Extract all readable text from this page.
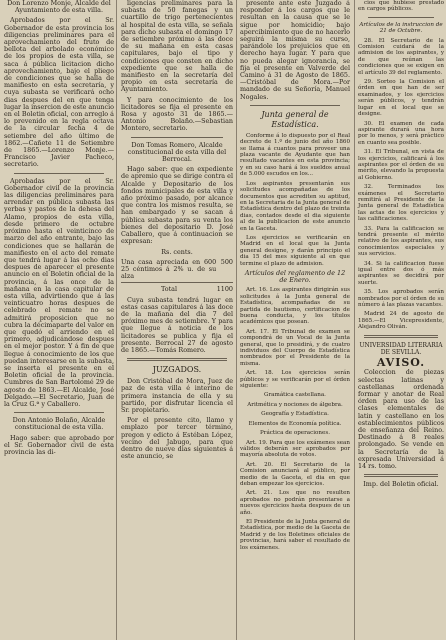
Don Lorenzo Monje, Alcalde del Ayuntamiento de esta villa.

Aprobados por el Sr. Gobernador de esta provincia los diligencias preliminares para el aprovechamiento del fruto de bellota del arbolado económico de los propios de esta villa, se saca á pública licitacion dicho aprovechamiento, bajo el pliego de condiciones que se halla de manifiesto en esta secretaría, y cuya subasta se verificará ocho dias despues del en que tenga lugar la insercion de este anuncio en el Boletin oficial, con arreglo á lo prevenido en la regla octava de la circular fecha 4 de setiembre del año último de 1862.—Cañete 11 de Setiembre de 1865.—Lorenzo Monje.—Francisco Javier Pacheco, secretario.

Aprobadas por el Sr. Gobernador civil de la provincia las diligencias preliminares para arrendar en pública subasta las yerbas y pastos de la dehesa del Alamo, propios de esta villa, desde primero de octubre próximo hasta el veinticinco de marzo del año entrante, bajo las condiciones que se hallarán de manifiesto en el acto del remate que tendrá lugar á las ocho dias despues de aparecer el presente anuncio en el Boletin oficial de la provincia, á las once de la mañana en la casa capitular de esta villa, advirtiendo que á las veinticuatro horas despues de celebrado el remate no se admitirá proposicion que no cubra la décimaparte del valor en que quedó el arriendo en el primero, adjudicándose despues en el mejor postor. Y á fin de que llegue á conocimiento de los que puedan interesarse en la subasta, se inserta el presente en el Boletin oficial de la provincia. Cumbres de San Bartolomé 29 de agosto de 1863.—El Alcalde, José Delgado.—El Secretario, Juan de la Cruz G.ª y Caballero.

Don Antonio Bolaño, Alcalde constitucional de esta villa.

Hago saber: que aprobado por el Sr. Gobernador civil de esta provincia las di-

ligencias preliminares para la subasta de 50 fanegas y un cuartillo de trigo pertenecientes al hospital de esta villa, se señala para dicho subasta el domingo 17 de setiembre próximo á las doce de su mañana en esta casas capitulares, bajo el tipo y condiciones que consten en dicho expediente que se halla de manifiesto en la secretaría del propio en esta secretaría de Ayuntamiento.

Y para conocimiento de los licitadores se fija el presente en Rosa y agosto 31 de 1865.—Antonio Bolaño.—Sebastian Montero, secretario.

Don Tomas Romero, Alcalde constitucional de esta villa del Berrocal.

Hago saber: que en expediente de apremio que se dirige contra el Alcalde y Depositario de los fondos municipales de esta villa y año próximo pasado, por alcance que contra los mismos resulta, se han embargado y se sacan á pública subasta para su venta los bienes del depositario D. José Caballero, que á continuacion se expresan:

Rs. cents.

Una casa apreciada en 600 25 céntimos á 2% u. de su alza
500
Total	1100

Cuya subasta tendrá lugar en estas casas capitulares á las doce de la mañana del dia 7 del próximo mes de setiembre. Y para que llegue á noticia de los licitadores se publica y fija el presente. Berrocal 27 de agosto de 1865.—Tomás Romero.

JUZGADOS.

Don Cristóbal de Mora, Juez de paz de esta villa é interino de primera instancia de ella y su partido, por disfrutar licencia el Sr. propietario.

Por el presente cito, llamo y emplazo por tercer término, pregon y edicto á Estéban López, vecino del Jabugo, para que dentro de nueve dias siguientes á este anuncio, se

presente ante este Juzgado á responder á los cargos que le resultan en la causa que se le sigue por homicidio; bajo apercibimiento que de no hacerlo seguirá la misma su curso, parándole los prejuicios que en derecho haya lugar. Y para que no pueda alegar ignorancia, se fija el presente en Valverde del Camino á 31 de Agosto de 1865.—Cristóbal de Mora.—Por mandado de su Señoría, Manuel Nogales.

Junta general de Estadística.

Conforme á lo dispuesto por el Real decreto de 1.º de junio del año 1860 se llama á cuantos para proveer una plaza vacante de Ayudante que han resultado vacantes en esta provincia; y en su caso hará á los sueldos anual de 5.000 escudos en los...

Los aspirantes presentarán sus solicitudes acompañadas de los documentos que acrediten su aptitud, en la Secretaria de la Junta general de Estadística dentro del plazo de treinta dias, contados desde el dia siguiente al de la publicacion de este anuncio en la Gaceta.

Los ejercicios se verificarán en Madrid en el local que la Junta general designe, y darán principio el dia 15 del mes siguiente al en que termine el plazo de admision.

Artículos del reglamento de 12 de Enero.

Art. 16. Los aspirantes dirigirán sus solicitudes á la Junta general de Estadística, acompañadas de su partida de bautismo, certificacion de buena conducta, y los títulos académicos que posean.

Art. 17. El Tribunal de examen se compondrá de un Vocal de la Junta general, que lo presidirá, y de cuatro individuos del Cuerpo de Estadística nombrados por el Presidente de la misma.

Art. 18. Los ejercicios serán públicos y se verificarán por el órden siguiente:

Gramática castellana.

Aritmética y nociones de álgebra.

Geografía y Estadística.

Elementos de Economía política.

Práctica de operaciones.

Art. 19. Para que los exámenes sean válidos deberán ser aprobados por mayoría absoluta de votos.

Art. 20. El Secretario de la Comision anunciará al público, por medio de la Gaceta, el dia en que deban empezar los ejercicios.

Art. 21. Los que no resulten aprobados no podrán presentarse a nuevos ejercicios hasta despues de un año.

El Presidente de la Junta general de Estadística, por medio de la Gaceta de Madrid y de los Boletines oficiales de provincias, hará saber el resultado de los exámenes.

cios que hubiese prestado en cargos públicos.

Artículos de la instruccion de 21 de Octubre.

28. El Secretario de la Comision cuidará de la admision de los aspirantes, y de que reúnan las condiciones que se exigen en el artículo 39 del reglamento.

29. Sorteo la Comision el órden en que han de ser examinados, y los ejercicios serán públicos, y tendrán lugar en el local que se designe.

30. El examen de cada aspirante durará una hora por lo menos, y será práctico en cuanto sea posible.

31. El Tribunal, en vista de los ejercicios, calificará á los aspirantes por el órden de su mérito, elevando la propuesta al Gobierno.

32. Terminados los exámenes el Secretario remitirá al Presidente de la Junta general de Estadística las actas de los ejercicios y las calificaciones.

33. Para la calificacion se tendrá presente el mérito relativo de los aspirantes, sus conocimientos especiales y sus servicios.

34. Si la calificacion fuese igual entre dos ó más aspirantes se decidirá por suerte.

35. Los aprobados serán nombrados por el órden de su número á las plazas vacantes.

Madrid 24 de agosto de 1865.—El Vicepresidente, Alejandro Oliván.

UNIVERSIDAD LITERARIA DE SEVILLA.

AVISO.

Coleccion de piezas selectas latinas y castellanas ordenada formar y anotar de Real órden para uso de las clases elementales de latin y castellano en los establecimientos públicos de enseñanza del Reino. Destinado á 8 reales prolongado. Se vende en la Secretaría de la expresada Universidad á 14 rs. tomo.

Imp. del Boletin oficial.
